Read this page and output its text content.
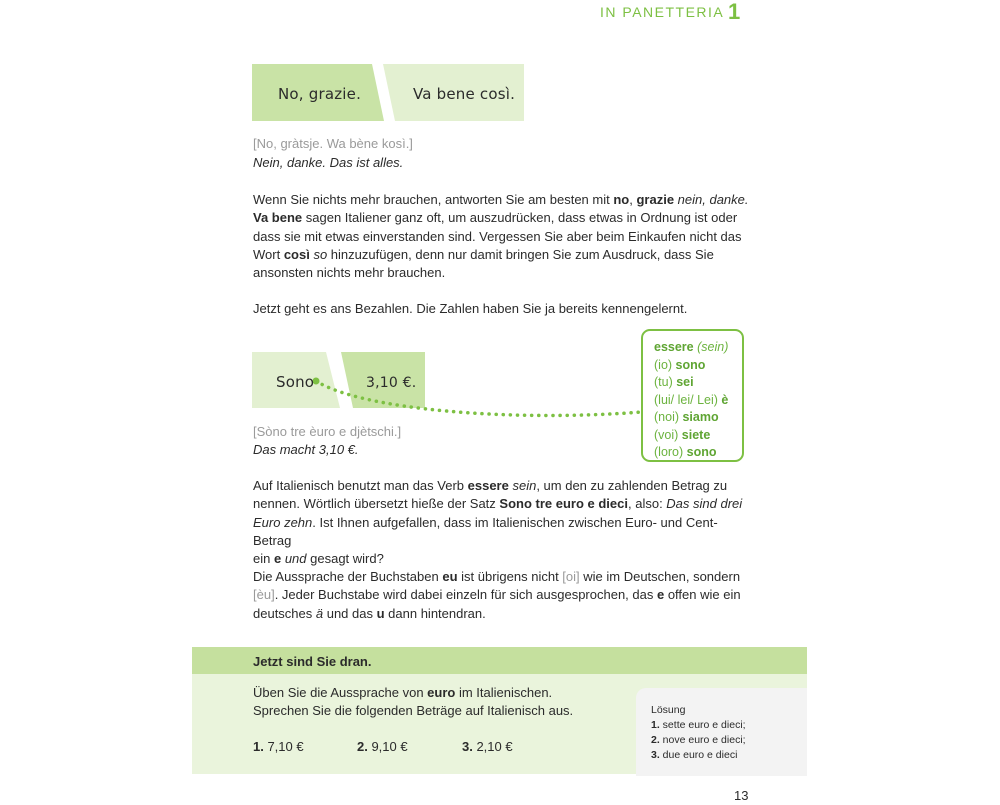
IN PANETTERIA 1
No, grazie.	Va bene così.
[No, gràtsje. Wa bène kosì.]
Nein, danke. Das ist alles.
Wenn Sie nichts mehr brauchen, antworten Sie am besten mit no, grazie nein, danke.
Va bene sagen Italiener ganz oft, um auszudrücken, dass etwas in Ordnung ist oder
dass sie mit etwas einverstanden sind. Vergessen Sie aber beim Einkaufen nicht das
Wort così so hinzuzufügen, denn nur damit bringen Sie zum Ausdruck, dass Sie
ansonsten nichts mehr brauchen.
Jetzt geht es ans Bezahlen. Die Zahlen haben Sie ja bereits kennengelernt.
Sono	3,10 €.
essere (sein)
(io) sono
(tu) sei
(lui/ lei/ Lei) è
(noi) siamo
(voi) siete
(loro) sono
[Sòno tre èuro e djètschi.]
Das macht 3,10 €.
Auf Italienisch benutzt man das Verb essere sein, um den zu zahlenden Betrag zu
nennen. Wörtlich übersetzt hieße der Satz Sono tre euro e dieci, also: Das sind drei
Euro zehn. Ist Ihnen aufgefallen, dass im Italienischen zwischen Euro- und Cent-Betrag
ein e und gesagt wird?
Die Aussprache der Buchstaben eu ist übrigens nicht [oi] wie im Deutschen, sondern
[èu]. Jeder Buchstabe wird dabei einzeln für sich ausgesprochen, das e offen wie ein
deutsches ä und das u dann hintendran.
Jetzt sind Sie dran.
Üben Sie die Aussprache von euro im Italienischen.
Sprechen Sie die folgenden Beträge auf Italienisch aus.
1. 7,10 €	2. 9,10 €	3. 2,10 €
Lösung
1. sette euro e dieci;
2. nove euro e dieci;
3. due euro e dieci
13
